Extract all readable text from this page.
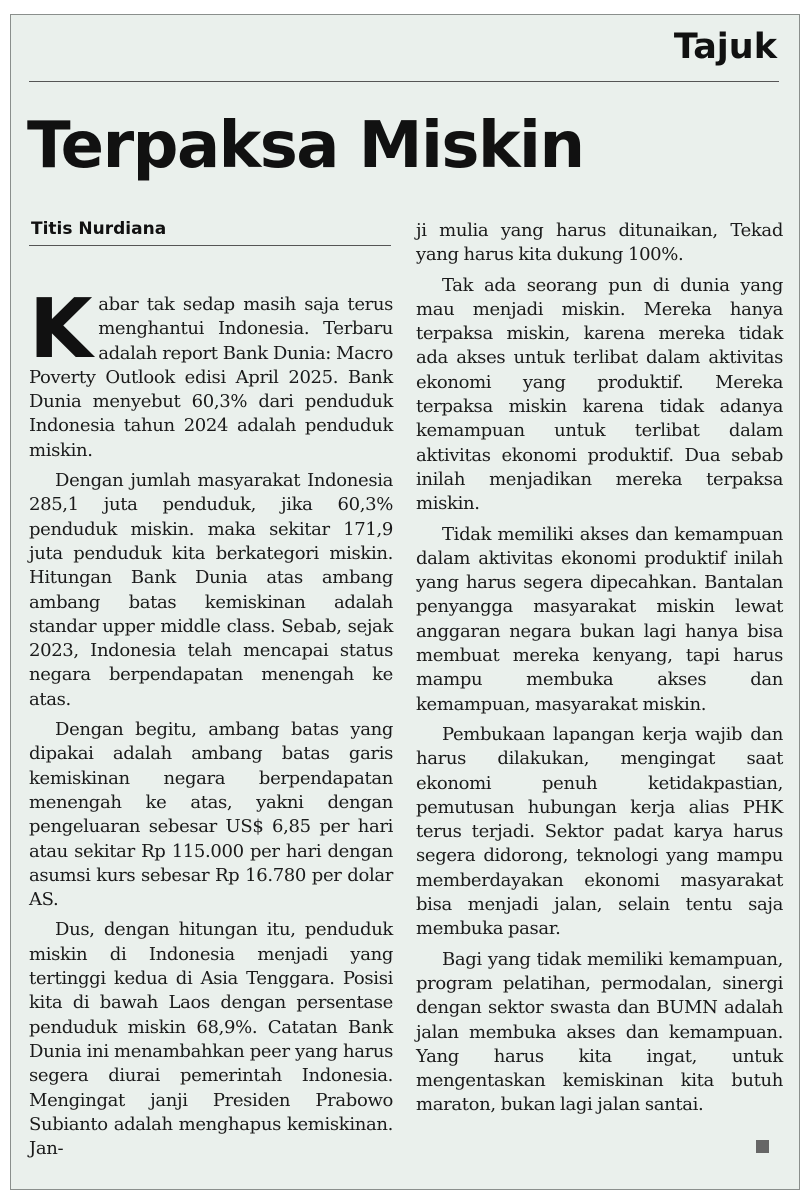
Tajuk
Terpaksa Miskin
Titis Nurdiana

Kabar tak sedap masih saja terus menghantui Indonesia. Terbaru adalah report Bank Dunia: Macro Poverty Outlook edisi April 2025. Bank Dunia menyebut 60,3% dari penduduk Indonesia tahun 2024 adalah penduduk miskin.

Dengan jumlah masyarakat Indonesia 285,1 juta penduduk, jika 60,3% penduduk miskin. maka sekitar 171,9 juta penduduk kita berkategori miskin. Hitungan Bank Dunia atas ambang ambang batas kemiskinan adalah standar upper middle class. Sebab, sejak 2023, Indonesia telah mencapai status negara berpendapatan menengah ke atas.

Dengan begitu, ambang batas yang dipakai adalah ambang batas garis kemiskinan negara berpendapatan menengah ke atas, yakni dengan pengeluaran sebesar US$ 6,85 per hari atau sekitar Rp 115.000 per hari dengan asumsi kurs sebesar Rp 16.780 per dolar AS.

Dus, dengan hitungan itu, penduduk miskin di Indonesia menjadi yang tertinggi kedua di Asia Tenggara. Posisi kita di bawah Laos dengan persentase penduduk miskin 68,9%. Catatan Bank Dunia ini menambahkan peer yang harus segera diurai pemerintah Indonesia. Mengingat janji Presiden Prabowo Subianto adalah menghapus kemiskinan. Jan-

ji mulia yang harus ditunaikan, Tekad yang harus kita dukung 100%.

Tak ada seorang pun di dunia yang mau menjadi miskin. Mereka hanya terpaksa miskin, karena mereka tidak ada akses untuk terlibat dalam aktivitas ekonomi yang produktif. Mereka terpaksa miskin karena tidak adanya kemampuan untuk terlibat dalam aktivitas ekonomi produktif. Dua sebab inilah menjadikan mereka terpaksa miskin.

Tidak memiliki akses dan kemampuan dalam aktivitas ekonomi produktif inilah yang harus segera dipecahkan. Bantalan penyangga masyarakat miskin lewat anggaran negara bukan lagi hanya bisa membuat mereka kenyang, tapi harus mampu membuka akses dan kemampuan, masyarakat miskin.

Pembukaan lapangan kerja wajib dan harus dilakukan, mengingat saat ekonomi penuh ketidakpastian, pemutusan hubungan kerja alias PHK terus terjadi. Sektor padat karya harus segera didorong, teknologi yang mampu memberdayakan ekonomi masyarakat bisa menjadi jalan, selain tentu saja membuka pasar.

Bagi yang tidak memiliki kemampuan, program pelatihan, permodalan, sinergi dengan sektor swasta dan BUMN adalah jalan membuka akses dan kemampuan. Yang harus kita ingat, untuk mengentaskan kemiskinan kita butuh maraton, bukan lagi jalan santai.
